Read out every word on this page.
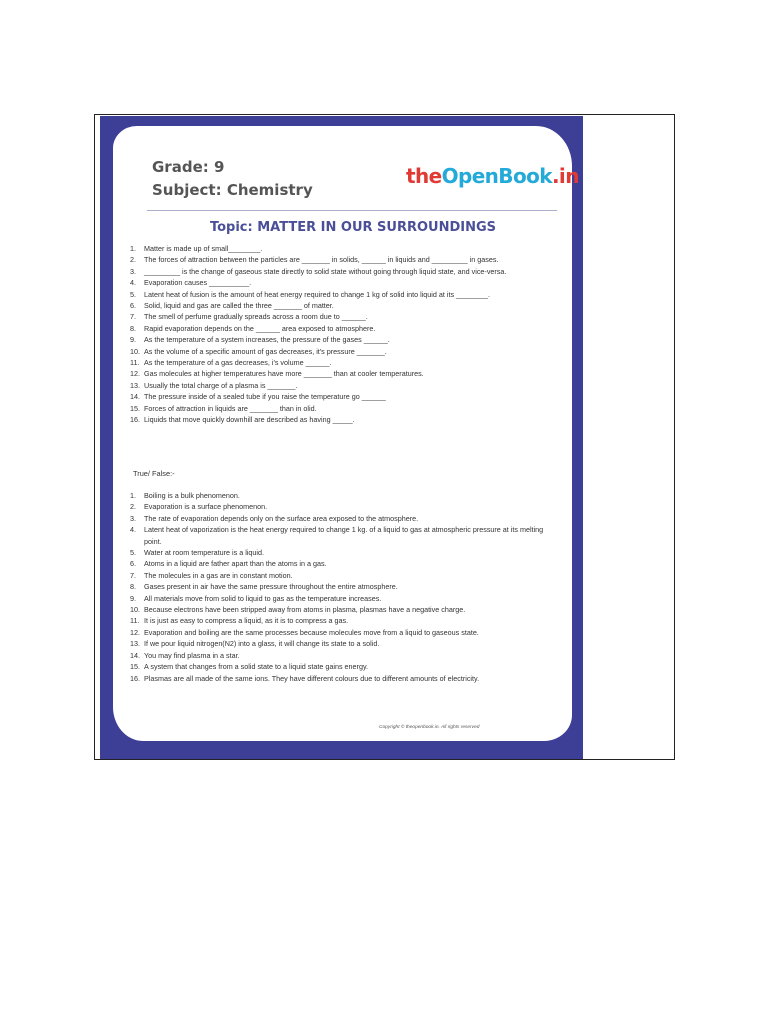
Grade: 9
Subject: Chemistry
theOpenBook.in
Topic: MATTER IN OUR SURROUNDINGS
1.	Matter is made up of small________.
2.	The forces of attraction between the particles are _______ in solids, ______ in liquids and _________ in gases.
3.	_________ is the change of gaseous state directly to solid state without going through liquid state, and vice-versa.
4.	Evaporation causes __________.
5.	Latent heat of fusion is the amount of heat energy required to change 1 kg of solid into liquid at its ________.
6.	Solid, liquid and gas are called the three _______ of matter.
7.	The smell of perfume gradually spreads across a room due to ______.
8.	Rapid evaporation depends on the ______ area exposed to atmosphere.
9.	As the temperature of a system increases, the pressure of the gases ______.
10. As the volume of a specific amount of gas decreases, it's pressure _______.
11. As the temperature of a gas decreases, i's volume ______.
12. Gas molecules at higher temperatures have more _______ than at cooler temperatures.
13. Usually the total charge of a plasma is _______.
14. The pressure inside of a sealed tube if you raise the temperature go ______
15. Forces of attraction in liquids are _______ than in olid.
16. Liquids that move quickly downhill are described as having _____.
True/ False:-
1.	Boiling is a bulk phenomenon.
2.	Evaporation is a surface phenomenon.
3.	The rate of evaporation depends only on the surface area exposed to the atmosphere.
4.	Latent heat of vaporization is the heat energy required to change 1 kg. of a liquid to gas at atmospheric pressure at its melting point.
5.	Water at room temperature is a liquid.
6.	Atoms in a liquid are father apart than the atoms in a gas.
7.	The molecules in a gas are in constant motion.
8.	Gases present in air have the same pressure throughout the entire atmosphere.
9.	All materials move from solid to liquid to gas as the temperature increases.
10. Because electrons have been stripped away from atoms in plasma, plasmas have a negative charge.
11. It is just as easy to compress a liquid, as it is to compress a gas.
12. Evaporation and boiling are the same processes because molecules move from a liquid to gaseous state.
13. If we pour liquid nitrogen(N2) into a glass, it will change its state to a solid.
14. You may find plasma in a star.
15. A system that changes from a solid state to a liquid state gains energy.
16. Plasmas are all made of the same ions. They have different colours due to different amounts of electricity.
Copyright © theopenbook.in. All rights reserved
